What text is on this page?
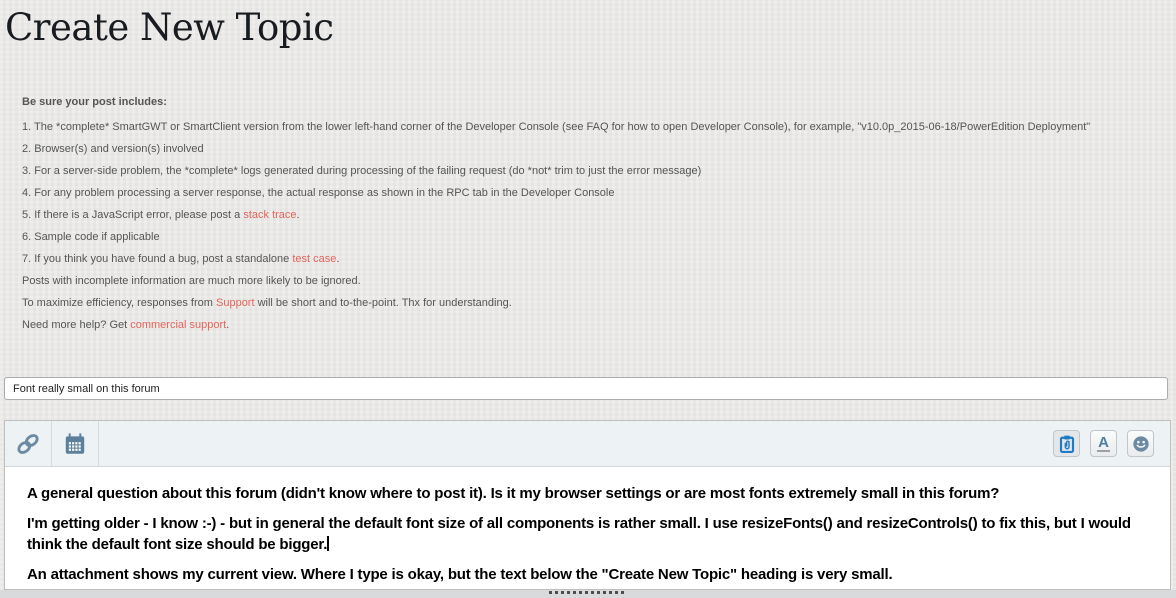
Create New Topic
Be sure your post includes:
1. The *complete* SmartGWT or SmartClient version from the lower left-hand corner of the Developer Console (see FAQ for how to open Developer Console), for example, "v10.0p_2015-06-18/PowerEdition Deployment"
2. Browser(s) and version(s) involved
3. For a server-side problem, the *complete* logs generated during processing of the failing request (do *not* trim to just the error message)
4. For any problem processing a server response, the actual response as shown in the RPC tab in the Developer Console
5. If there is a JavaScript error, please post a stack trace.
6. Sample code if applicable
7. If you think you have found a bug, post a standalone test case.
Posts with incomplete information are much more likely to be ignored.
To maximize efficiency, responses from Support will be short and to-the-point. Thx for understanding.
Need more help? Get commercial support.
Font really small on this forum
A

A general question about this forum (didn't know where to post it). Is it my browser settings or are most fonts extremely small in this forum?

I'm getting older - I know :-) - but in general the default font size of all components is rather small. I use resizeFonts() and resizeControls() to fix this, but I would think the default font size should be bigger.

An attachment shows my current view. Where I type is okay, but the text below the "Create New Topic" heading is very small.
